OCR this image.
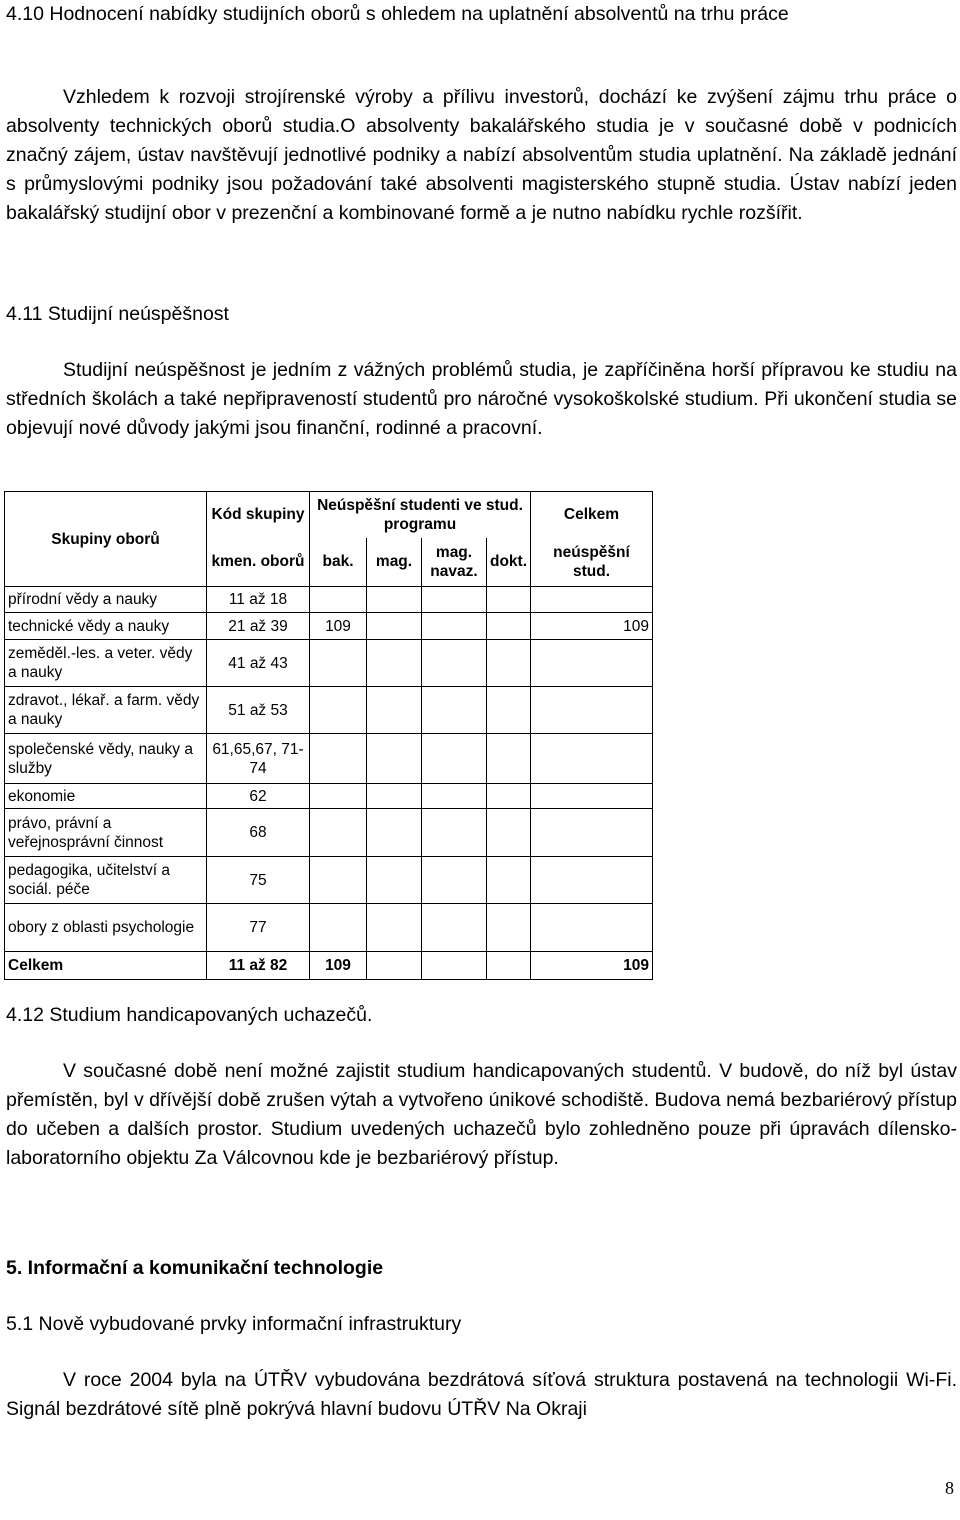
4.10 Hodnocení nabídky studijních oborů s ohledem na uplatnění absolventů na trhu práce

Vzhledem k rozvoji strojírenské výroby a přílivu investorů, dochází ke zvýšení zájmu trhu práce o absolventy technických oborů studia.O absolventy bakalářského studia je v současné době v podnicích značný zájem, ústav navštěvují jednotlivé podniky a nabízí absolventům studia uplatnění. Na základě jednání s průmyslovými podniky jsou požadování také absolventi magisterského stupně studia. Ústav nabízí jeden bakalářský studijní obor v prezenční a kombinované formě a je nutno nabídku rychle rozšířit.

4.11 Studijní neúspěšnost

Studijní neúspěšnost je jedním z vážných problémů studia, je zapříčiněna horší přípravou ke studiu na středních školách a také nepřipraveností studentů pro náročné vysokoškolské studium. Při ukončení studia se objevují nové důvody jakými jsou finanční, rodinné a pracovní.

Skupiny oborů	Kód skupiny	Neúspěšní studenti ve stud. programu				Celkem
	kmen. oborů	bak.	mag.	mag. navaz.	dokt.	neúspěšní stud.
přírodní vědy a nauky	11 až 18					
technické vědy a nauky	21 až 39	109				109
zeměděl.-les. a veter. vědy a nauky	41 až 43					
zdravot., lékař. a farm. vědy a nauky	51 až 53					
společenské vědy, nauky a služby	61,65,67, 71-74					
ekonomie	62					
právo, právní a veřejnosprávní činnost	68					
pedagogika, učitelství a sociál. péče	75					
obory z oblasti psychologie	77					
Celkem	11 až 82	109				109
4.12 Studium handicapovaných uchazečů.

V současné době není možné zajistit studium handicapovaných studentů. V budově, do níž byl ústav přemístěn, byl v dřívější době zrušen výtah a vytvořeno únikové schodiště. Budova nemá bezbariérový přístup do učeben a dalších prostor. Studium uvedených uchazečů bylo zohledněno pouze při úpravách dílensko-laboratorního objektu Za Válcovnou kde je bezbariérový přístup.

5. Informační a komunikační technologie
5.1 Nově vybudované prvky informační infrastruktury

V roce 2004 byla na ÚTŘV vybudována bezdrátová síťová struktura postavená na technologii Wi-Fi. Signál bezdrátové sítě plně pokrývá hlavní budovu ÚTŘV Na Okraji

8
